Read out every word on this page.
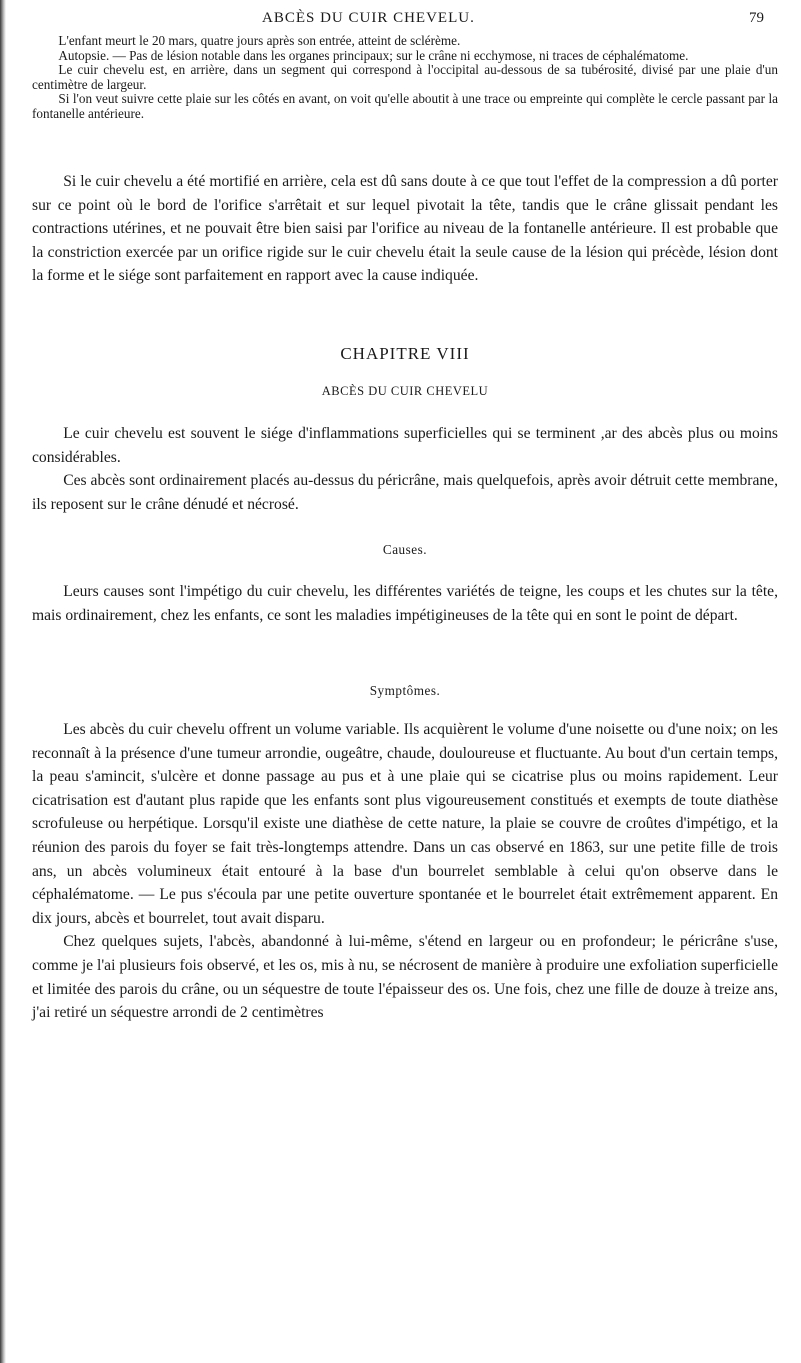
ABCÈS DU CUIR CHEVELU.	79

L'enfant meurt le 20 mars, quatre jours après son entrée, atteint de sclérème.

Autopsie. — Pas de lésion notable dans les organes principaux; sur le crâne ni ecchymose, ni traces de céphalématome.

Le cuir chevelu est, en arrière, dans un segment qui correspond à l'occipital au-dessous de sa tubérosité, divisé par une plaie d'un centimètre de largeur.

Si l'on veut suivre cette plaie sur les côtés en avant, on voit qu'elle aboutit à une trace ou empreinte qui complète le cercle passant par la fontanelle antérieure.

Si le cuir chevelu a été mortifié en arrière, cela est dû sans doute à ce que tout l'effet de la compression a dû porter sur ce point où le bord de l'orifice s'arrêtait et sur lequel pivotait la tête, tandis que le crâne glissait pendant les contractions utérines, et ne pouvait être bien saisi par l'orifice au niveau de la fontanelle antérieure. Il est probable que la constriction exercée par un orifice rigide sur le cuir chevelu était la seule cause de la lésion qui précède, lésion dont la forme et le siége sont parfaitement en rapport avec la cause indiquée.

CHAPITRE VIII

ABCÈS DU CUIR CHEVELU

Le cuir chevelu est souvent le siége d'inflammations superficielles qui se terminent ,ar des abcès plus ou moins considérables.

Ces abcès sont ordinairement placés au-dessus du péricrâne, mais quelquefois, après avoir détruit cette membrane, ils reposent sur le crâne dénudé et nécrosé.

Causes.

Leurs causes sont l'impétigo du cuir chevelu, les différentes variétés de teigne, les coups et les chutes sur la tête, mais ordinairement, chez les enfants, ce sont les maladies impétigineuses de la tête qui en sont le point de départ.

Symptômes.

Les abcès du cuir chevelu offrent un volume variable. Ils acquièrent le volume d'une noisette ou d'une noix; on les reconnaît à la présence d'une tumeur arrondie, ougeâtre, chaude, douloureuse et fluctuante. Au bout d'un certain temps, la peau s'amincit, s'ulcère et donne passage au pus et à une plaie qui se cicatrise plus ou moins rapidement. Leur cicatrisation est d'autant plus rapide que les enfants sont plus vigoureusement constitués et exempts de toute diathèse scrofuleuse ou herpétique. Lorsqu'il existe une diathèse de cette nature, la plaie se couvre de croûtes d'impétigo, et la réunion des parois du foyer se fait très-longtemps attendre. Dans un cas observé en 1863, sur une petite fille de trois ans, un abcès volumineux était entouré à la base d'un bourrelet semblable à celui qu'on observe dans le céphalématome. — Le pus s'écoula par une petite ouverture spontanée et le bourrelet était extrêmement apparent. En dix jours, abcès et bourrelet, tout avait disparu.

Chez quelques sujets, l'abcès, abandonné à lui-même, s'étend en largeur ou en profondeur; le péricrâne s'use, comme je l'ai plusieurs fois observé, et les os, mis à nu, se nécrosent de manière à produire une exfoliation superficielle et limitée des parois du crâne, ou un séquestre de toute l'épaisseur des os. Une fois, chez une fille de douze à treize ans, j'ai retiré un séquestre arrondi de 2 centimètres
